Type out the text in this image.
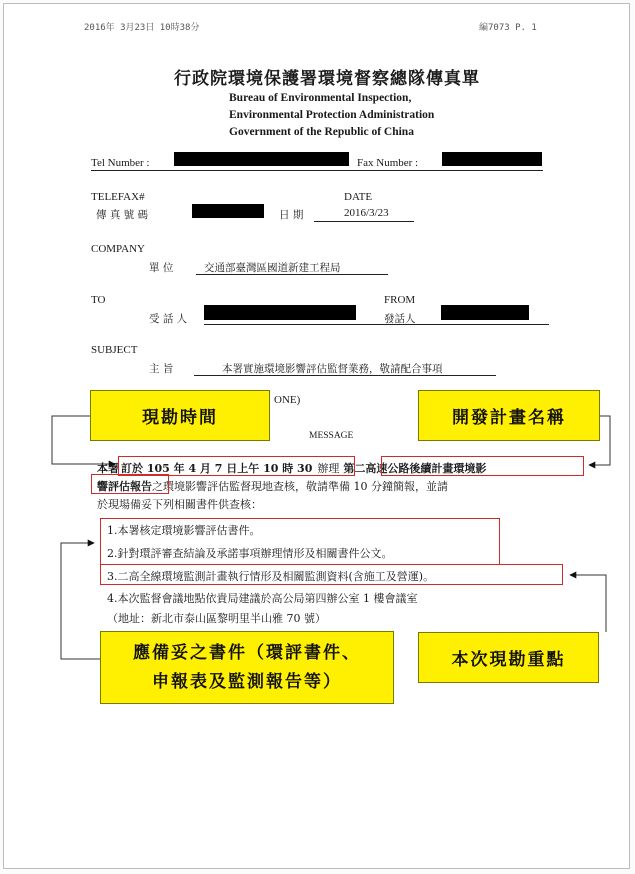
2016年 3月23日 10時38分	編7073 P. 1
行政院環境保護署環境督察總隊傳真單
Bureau of Environmental Inspection,
Environmental Protection Administration
Government of the Republic of China
Tel Number :	Fax Number :
TELEFAX#
傳 真 號 碼
DATE
日 期	2016/3/23
COMPANY
單 位	交通部臺灣區國道新建工程局
TO
受 話 人
FROM
發話人
SUBJECT
主 旨	本署實施環境影響評估監督業務，敬請配合事項
ONE)
MESSAGE
本署 訂於 105 年 4 月 7 日上午 10 時 30 辦理 第二高速公路後續計畫環境影
響評估報告之環境影響評估監督現地查核，敬請準備 10 分鐘簡報，並請
於現場備妥下列相關書件供查核：
1.本署核定環境影響評估書件。
2.針對環評審查結論及承諾事項辦理情形及相關書件公文。
3.二高全線環境監測計畫執行情形及相關監測資料(含施工及營運)。
4.本次監督會議地點依貴局建議於高公局第四辦公室 1 樓會議室
（地址：新北市泰山區黎明里半山雅 70 號）
現勘時間	開發計畫名稱
應備妥之書件（環評書件、
申報表及監測報告等）
本次現勘重點
